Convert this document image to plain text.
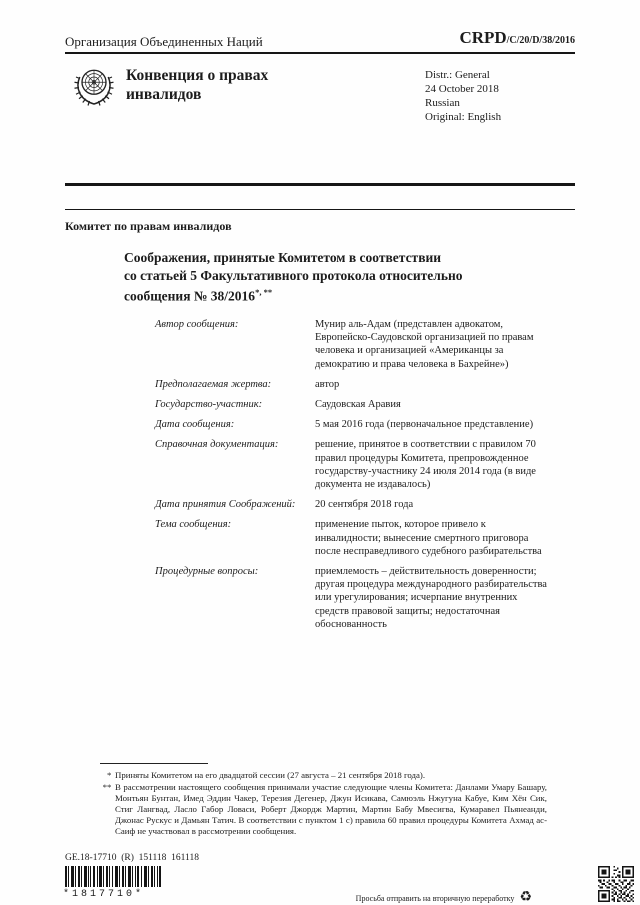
Организация Объединенных Наций	CRPD/C/20/D/38/2016
Конвенция о правах
инвалидов
Distr.: General
24 October 2018
Russian
Original: English
Комитет по правам инвалидов
Соображения, принятые Комитетом в соответствии
со статьей 5 Факультативного протокола относительно
сообщения № 38/2016*, **
Автор сообщения:	Мунир аль-Адам (представлен адвокатом, Европейско-Саудовской организацией по правам человека и организацией «Американцы за демократию и права человека в Бахрейне»)
Предполагаемая жертва:	автор
Государство-участник:	Саудовская Аравия
Дата сообщения:	5 мая 2016 года (первоначальное представление)
Справочная документация:	решение, принятое в соответствии с правилом 70 правил процедуры Комитета, препровожденное государству-участнику 24 июля 2014 года (в виде документа не издавалось)
Дата принятия Соображений:	20 сентября 2018 года
Тема сообщения:	применение пыток, которое привело к инвалидности; вынесение смертного приговора после несправедливого судебного разбирательства
Процедурные вопросы:	приемлемость – действительность доверенности; другая процедура международного разбирательства или урегулирования; исчерпание внутренних средств правовой защиты; недостаточная обоснованность
* Приняты Комитетом на его двадцатой сессии (27 августа – 21 сентября 2018 года).
** В рассмотрении настоящего сообщения принимали участие следующие члены Комитета: Данлами Умару Башару, Монтьян Бунтан, Имед Эддин Чакер, Терезия Дегенер, Джун Исикава, Самюэль Нжугуна Кабуе, Ким Хён Сик, Стиг Лангвад, Ласло Габор Ловаси, Роберт Джордж Мартин, Мартин Бабу Мвесигва, Кумаравел Пьянеанди, Джонас Рускус и Дамьян Татич. В соответствии с пунктом 1 с) правила 60 правил процедуры Комитета Ахмад ас-Саиф не участвовал в рассмотрении сообщения.
GE.18-17710  (R)  151118  161118
*1817710*	Просьба отправить на вторичную переработку ♻
